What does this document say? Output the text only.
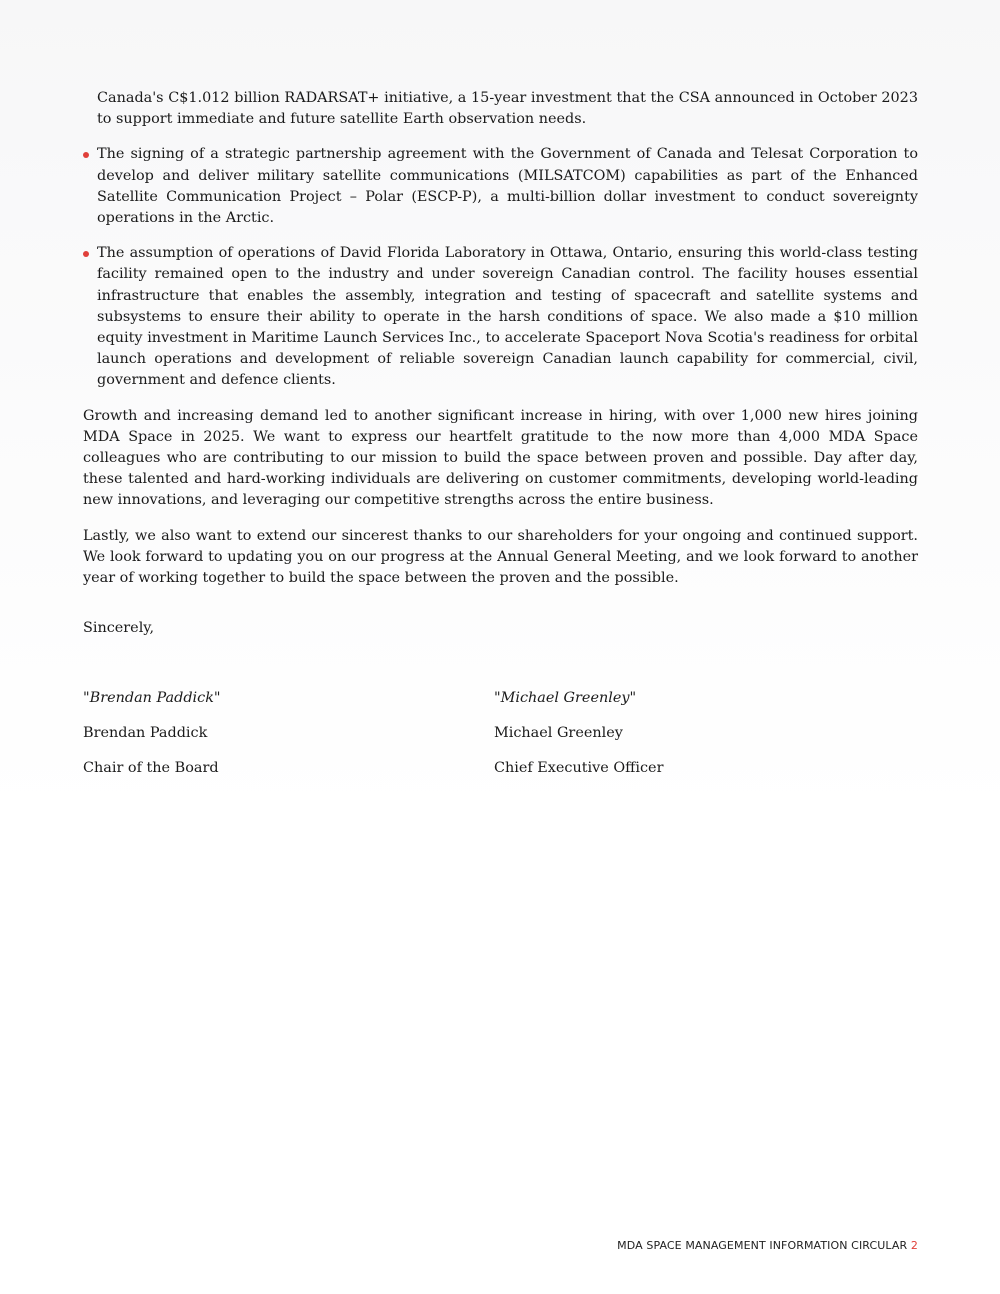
Canada's C$1.012 billion RADARSAT+ initiative, a 15-year investment that the CSA announced in October 2023 to support immediate and future satellite Earth observation needs.

The signing of a strategic partnership agreement with the Government of Canada and Telesat Corporation to develop and deliver military satellite communications (MILSATCOM) capabilities as part of the Enhanced Satellite Communication Project – Polar (ESCP-P), a multi-billion dollar investment to conduct sovereignty operations in the Arctic.

The assumption of operations of David Florida Laboratory in Ottawa, Ontario, ensuring this world-class testing facility remained open to the industry and under sovereign Canadian control. The facility houses essential infrastructure that enables the assembly, integration and testing of spacecraft and satellite systems and subsystems to ensure their ability to operate in the harsh conditions of space. We also made a $10 million equity investment in Maritime Launch Services Inc., to accelerate Spaceport Nova Scotia's readiness for orbital launch operations and development of reliable sovereign Canadian launch capability for commercial, civil, government and defence clients.

Growth and increasing demand led to another significant increase in hiring, with over 1,000 new hires joining MDA Space in 2025. We want to express our heartfelt gratitude to the now more than 4,000 MDA Space colleagues who are contributing to our mission to build the space between proven and possible. Day after day, these talented and hard-working individuals are delivering on customer commitments, developing world-leading new innovations, and leveraging our competitive strengths across the entire business.

Lastly, we also want to extend our sincerest thanks to our shareholders for your ongoing and continued support. We look forward to updating you on our progress at the Annual General Meeting, and we look forward to another year of working together to build the space between the proven and the possible.

Sincerely,
"Brendan Paddick"
Brendan Paddick
Chair of the Board
"Michael Greenley"
Michael Greenley
Chief Executive Officer
MDA SPACE MANAGEMENT INFORMATION CIRCULAR 2
